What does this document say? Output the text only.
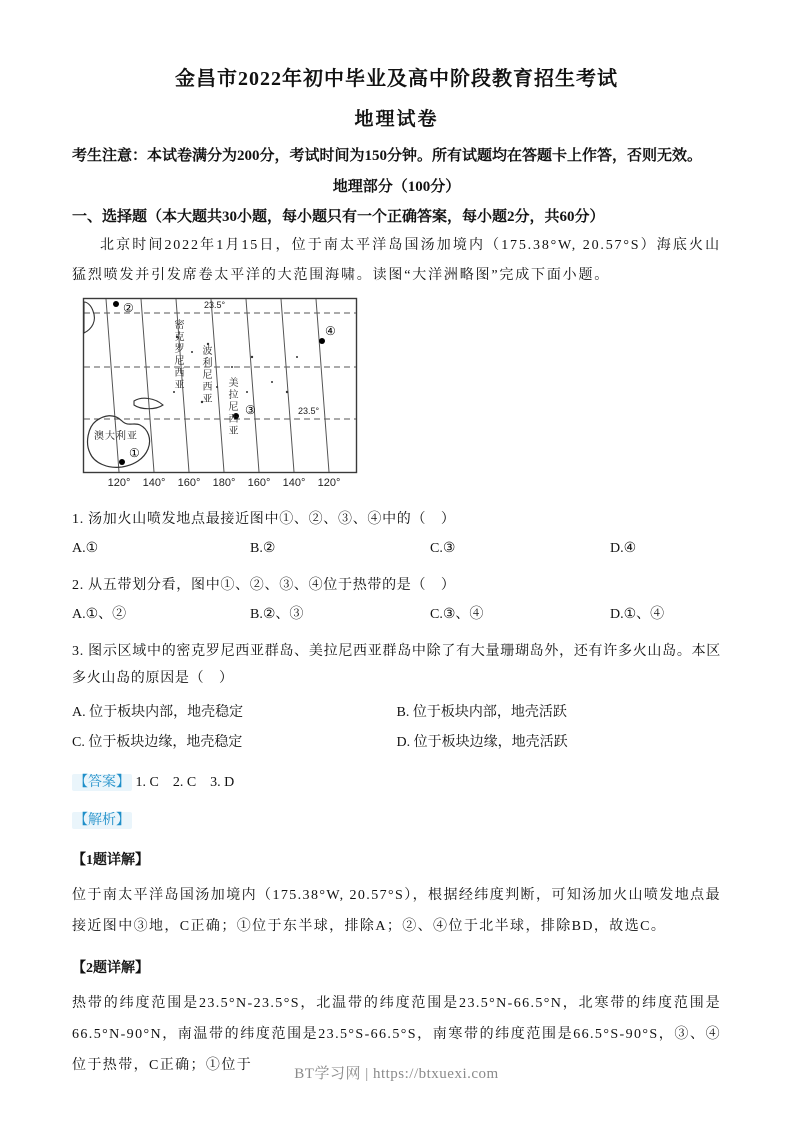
金昌市2022年初中毕业及高中阶段教育招生考试
地理试卷

考生注意：本试卷满分为200分，考试时间为150分钟。所有试题均在答题卡上作答，否则无效。

地理部分（100分）

一、选择题（本大题共30小题，每小题只有一个正确答案，每小题2分，共60分）

北京时间2022年1月15日，位于南太平洋岛国汤加境内（175.38°W, 20.57°S）海底火山猛烈喷发并引发席卷太平洋的大范围海啸。读图“大洋洲略图”完成下面小题。

23.5°
23.5°
密克罗尼西亚 波利尼西亚
美拉尼西亚
澳大利亚
②
④
③
①
120°	140°	160°	180°	160°	140°	120°

1. 汤加火山喷发地点最接近图中①、②、③、④中的（　）

A.①	B.②	C.③	D.④

2. 从五带划分看，图中①、②、③、④位于热带的是（　）

A.①、②	B.②、③	C.③、④	D.①、④

3. 图示区域中的密克罗尼西亚群岛、美拉尼西亚群岛中除了有大量珊瑚岛外，还有许多火山岛。本区多火山岛的原因是（　）

A. 位于板块内部，地壳稳定	B. 位于板块内部，地壳活跃
C. 位于板块边缘，地壳稳定	D. 位于板块边缘，地壳活跃

【答案】 1. C　2. C　3. D

【解析】

【1题详解】

位于南太平洋岛国汤加境内（175.38°W, 20.57°S），根据经纬度判断，可知汤加火山喷发地点最接近图中③地，C正确；①位于东半球，排除A；②、④位于北半球，排除BD，故选C。

【2题详解】

热带的纬度范围是23.5°N-23.5°S，北温带的纬度范围是23.5°N-66.5°N，北寒带的纬度范围是66.5°N-90°N，南温带的纬度范围是23.5°S-66.5°S，南寒带的纬度范围是66.5°S-90°S，③、④位于热带，C正确；①位于

BT学习网 | https://btxuexi.com
